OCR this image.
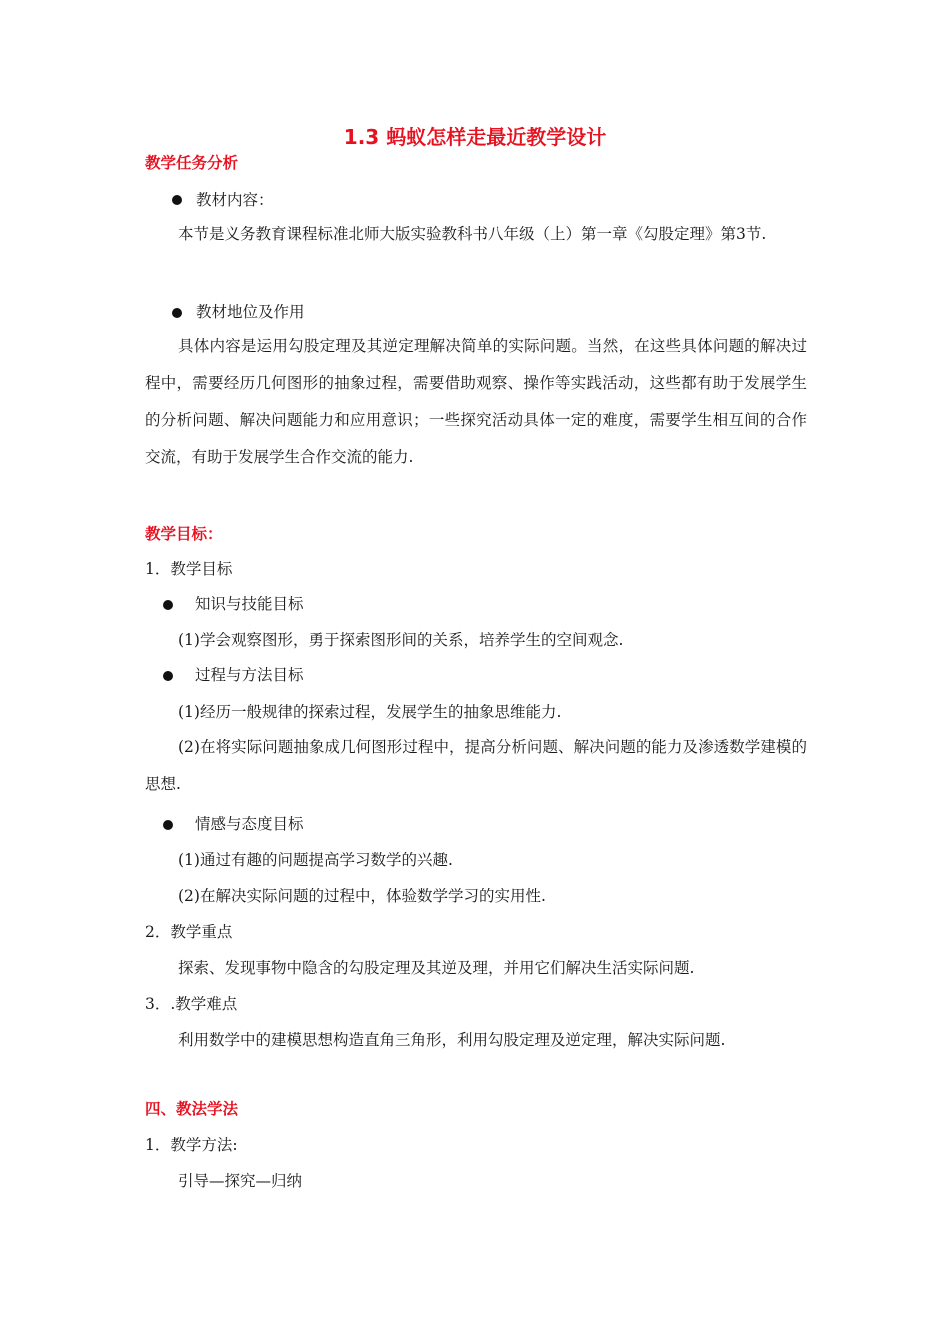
1.3 蚂蚁怎样走最近教学设计
教学任务分析
教材内容：

本节是义务教育课程标准北师大版实验教科书八年级（上）第一章《勾股定理》第3节.

教材地位及作用

具体内容是运用勾股定理及其逆定理解决简单的实际问题。当然，在这些具体问题的解决过程中，需要经历几何图形的抽象过程，需要借助观察、操作等实践活动，这些都有助于发展学生的分析问题、解决问题能力和应用意识；一些探究活动具体一定的难度，需要学生相互间的合作交流，有助于发展学生合作交流的能力.

教学目标：
1．教学目标
知识与技能目标
(1)学会观察图形，勇于探索图形间的关系，培养学生的空间观念.
过程与方法目标
(1)经历一般规律的探索过程，发展学生的抽象思维能力.

(2)在将实际问题抽象成几何图形过程中，提高分析问题、解决问题的能力及渗透数学建模的思想.

情感与态度目标
(1)通过有趣的问题提高学习数学的兴趣.
(2)在解决实际问题的过程中，体验数学学习的实用性.
2．教学重点
探索、发现事物中隐含的勾股定理及其逆及理，并用它们解决生活实际问题.
3．.教学难点
利用数学中的建模思想构造直角三角形，利用勾股定理及逆定理，解决实际问题.
四、教法学法
1．教学方法:
引导—探究—归纳
